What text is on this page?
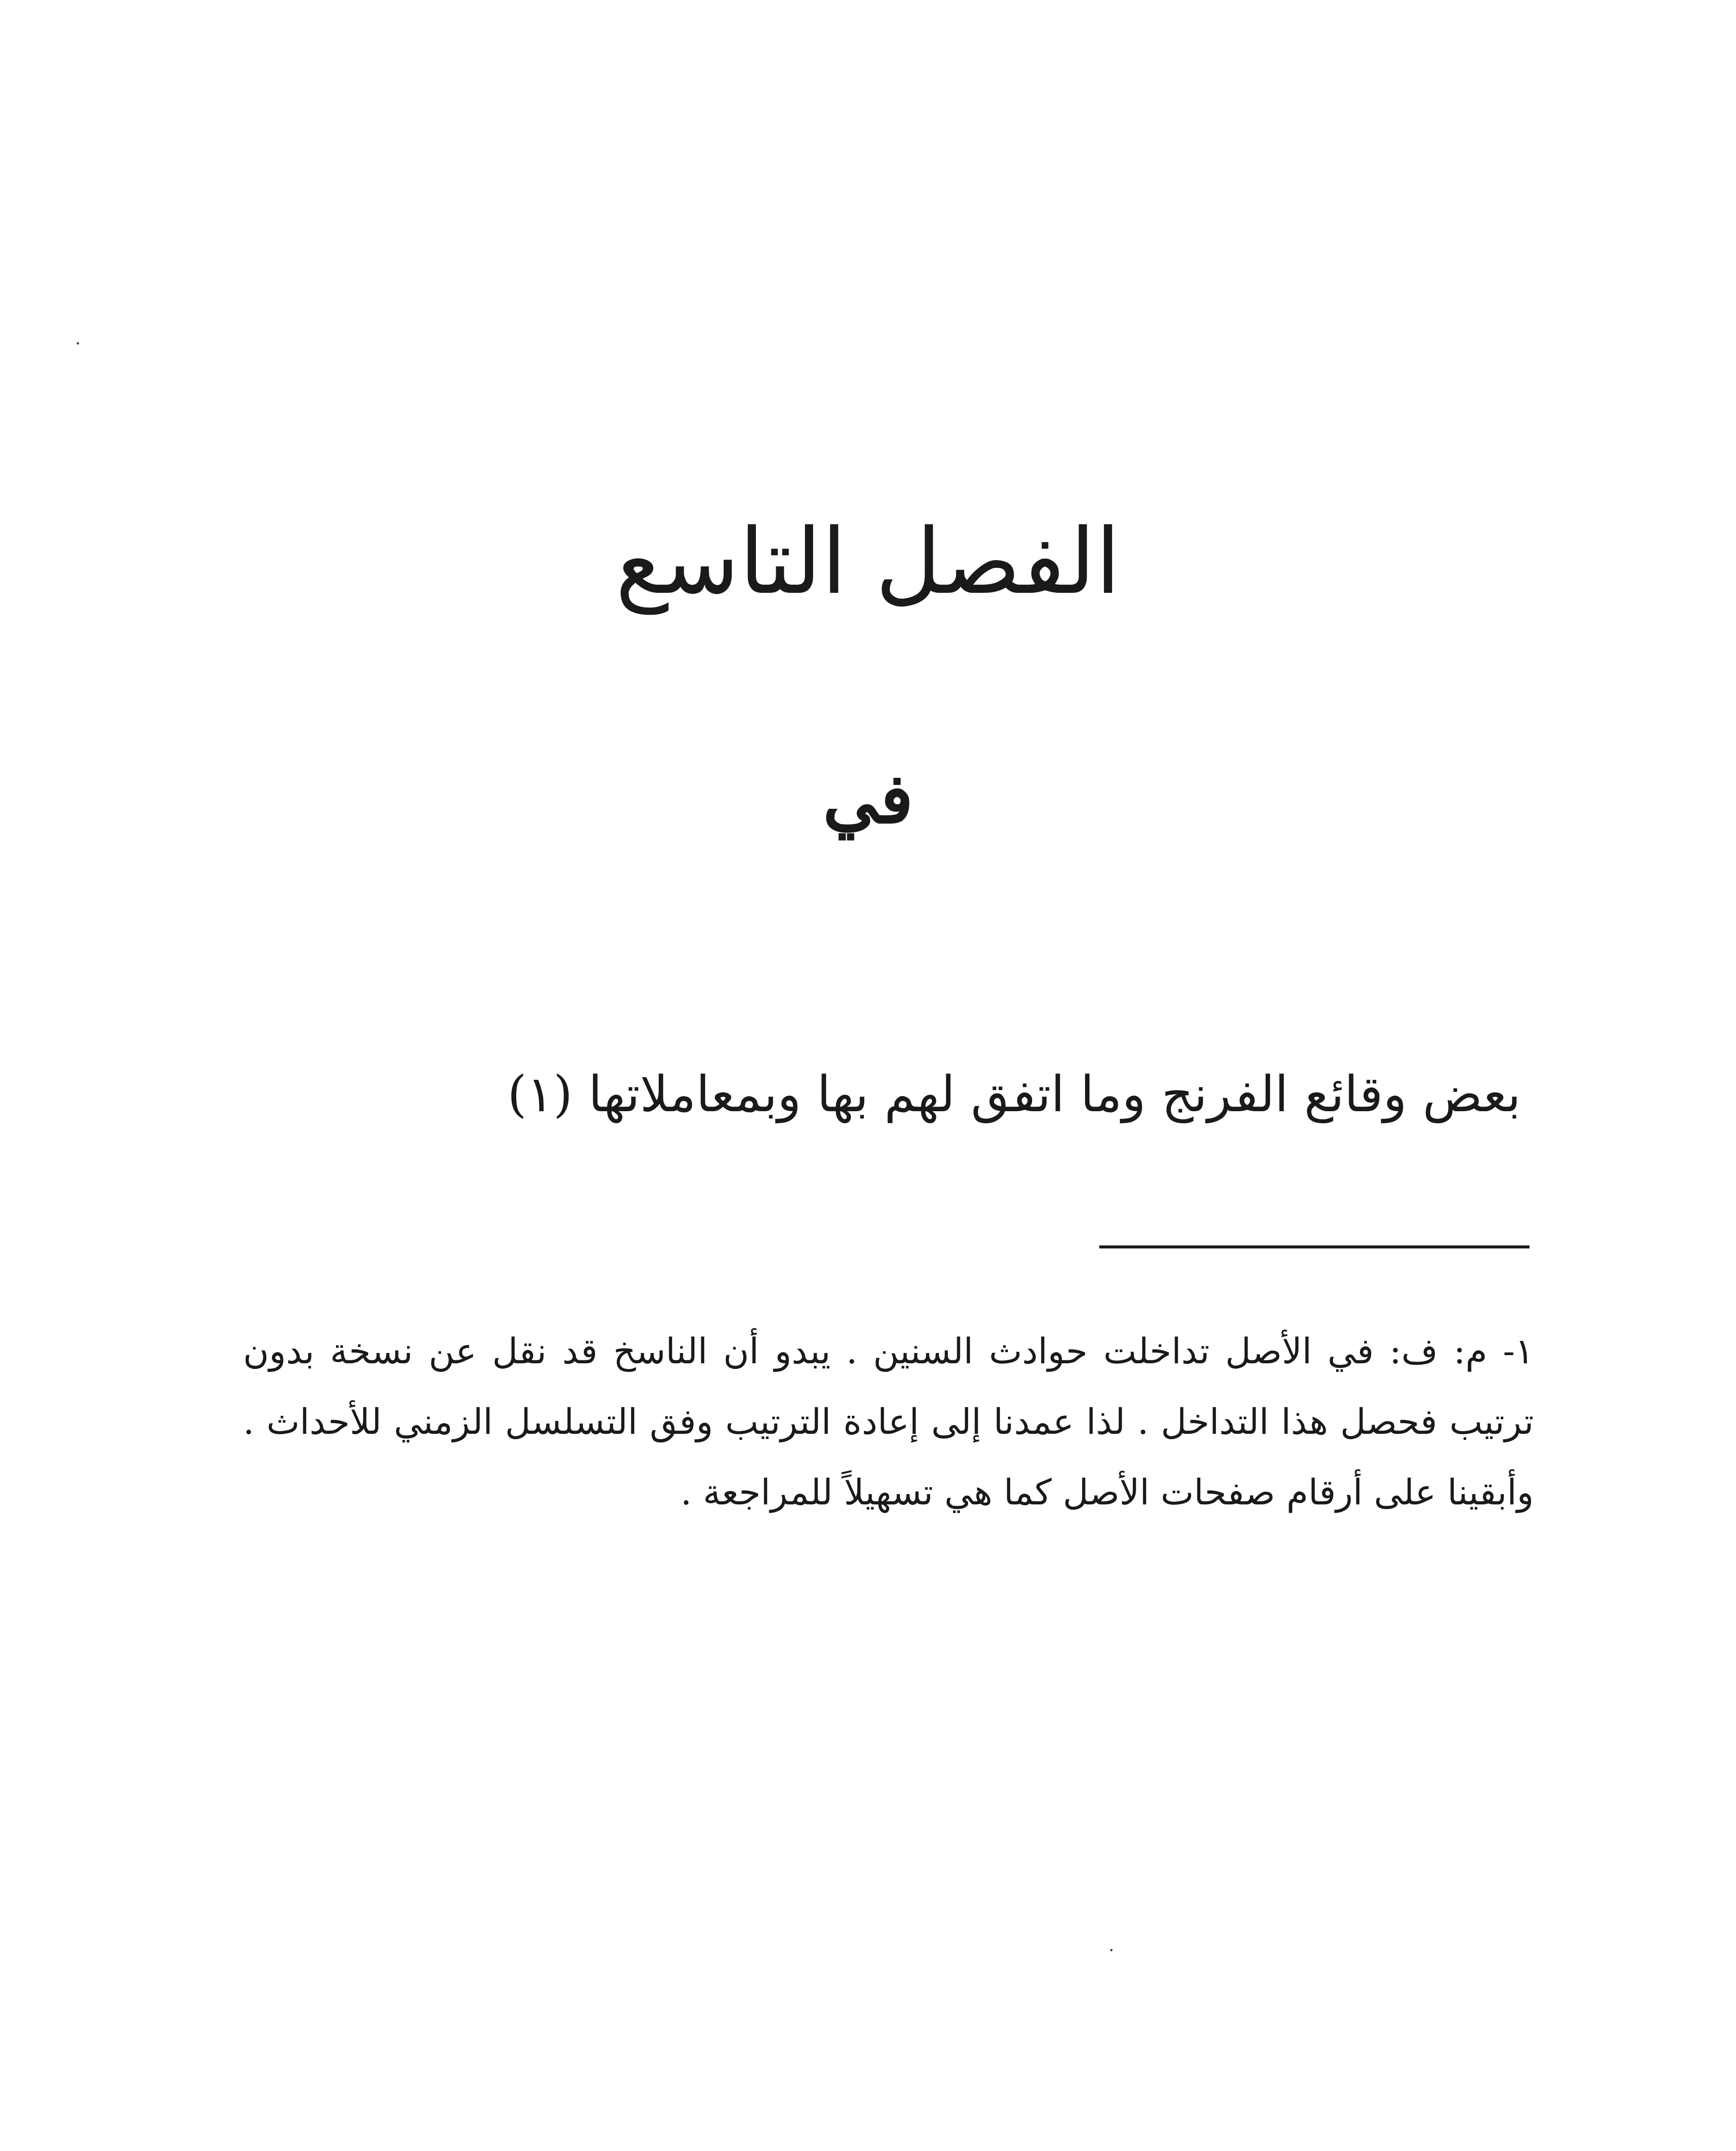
الفصل التاسع
في
بعض وقائع الفرنج وما اتفق لهم بها وبمعاملاتها (١)
١- م: ف: في الأصل تداخلت حوادث السنين . يبدو أن الناسخ قد نقل عن نسخة بدون ترتيب فحصل هذا التداخل . لذا عمدنا إلى إعادة الترتيب وفق التسلسل الزمني للأحداث . وأبقينا على أرقام صفحات الأصل كما هي تسهيلاً للمراجعة .
